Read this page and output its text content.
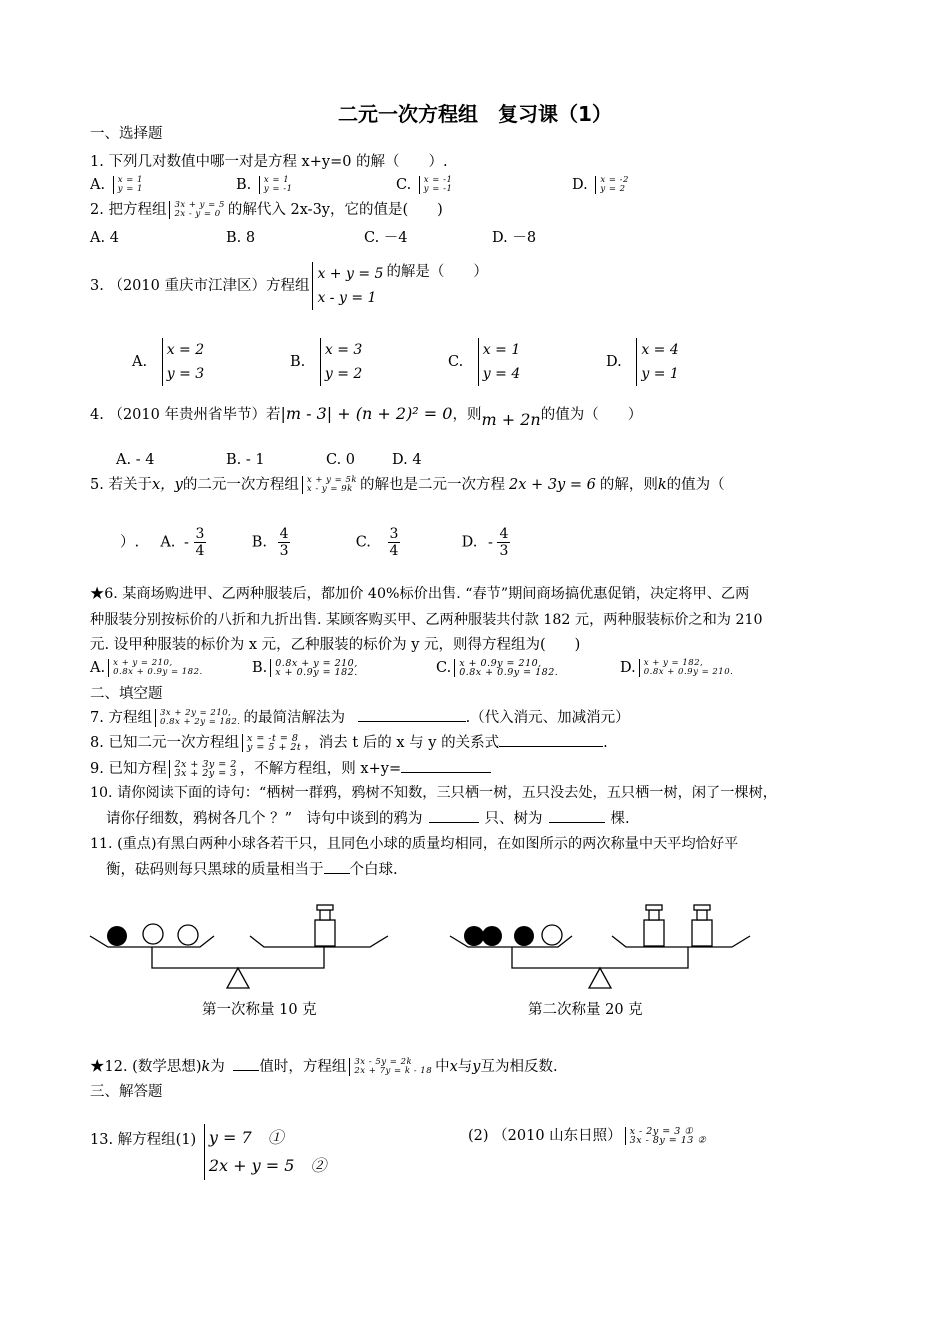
二元一次方程组　复习课（1）
一、选择题
1. 下列几对数值中哪一对是方程 x+y=0 的解（　　）.
A. x = 1
y = 1	B. x = 1
y = -1	C. x = -1
y = -1	D. x = -2
y = 2
2. 把方程组 3x + y = 5
2x - y = 0 的解代入 2x-3y，它的值是(　　)
A. 4	B. 8	C. －4	D. －8
3. （2010 重庆市江津区）方程组x + y = 5
x - y = 1的解是（　　）
A. x = 2
y = 3
B. x = 3
y = 2
C. x = 1
y = 4
D. x = 4
y = 1
4. （2010 年贵州省毕节）若|m - 3| + (n + 2)² = 0，则m + 2n的值为（　　）
A. - 4	B. - 1	C. 0	D. 4
5. 若关于x，y的二元一次方程组 x + y = 5k
x - y = 9k 的解也是二元一次方程 2x + 3y = 6 的解，则k的值为（
）. A. - $\frac{3}{4}$	B. $\frac{4}{3}$	C. $\frac{3}{4}$	D. - $\frac{4}{3}$
★6. 某商场购进甲、乙两种服装后，都加价 40%标价出售. “春节”期间商场搞优惠促销，决定将甲、乙两
种服装分别按标价的八折和九折出售. 某顾客购买甲、乙两种服装共付款 182 元，两种服装标价之和为 210
元. 设甲种服装的标价为 x 元，乙种服装的标价为 y 元，则得方程组为(　　)
A. x + y = 210,
0.8x + 0.9y = 182.	B. 0.8x + y = 210,
x + 0.9y = 182.	C. x + 0.9y = 210,
0.8x + 0.9y = 182.	D. x + y = 182,
0.8x + 0.9y = 210.
二、填空题
7. 方程组 3x + 2y = 210,
0.8x + 2y = 182. 的最简洁解法为	.（代入消元、加减消元）
8. 已知二元一次方程组 x = -t = 8
y = 5 + 2t ，消去 t 后的 x 与 y 的关系式	.
9. 已知方程 2x + 3y = 2
3x + 2y = 3 ，不解方程组，则 x+y=
10. 请你阅读下面的诗句：“栖树一群鸦，鸦树不知数，三只栖一树，五只没去处，五只栖一树，闲了一棵树，
请你仔细数，鸦树各几个 ？”　诗句中谈到的鸦为	只、树为	棵.
11. (重点)有黑白两种小球各若干只，且同色小球的质量均相同，在如图所示的两次称量中天平均恰好平
衡，砝码则每只黑球的质量相当于 个白球.
第一次称量 10 克	第二次称量 20 克
★12. (数学思想)k为 值时，方程组 3x - 5y = 2k
2x + 7y = k - 18 中x与y互为相反数.
三、解答题
13. 解方程组(1) y = 7　①
2x + y = 5　②
(2) （2010 山东日照） x - 2y = 3 ①
3x - 8y = 13 ②
